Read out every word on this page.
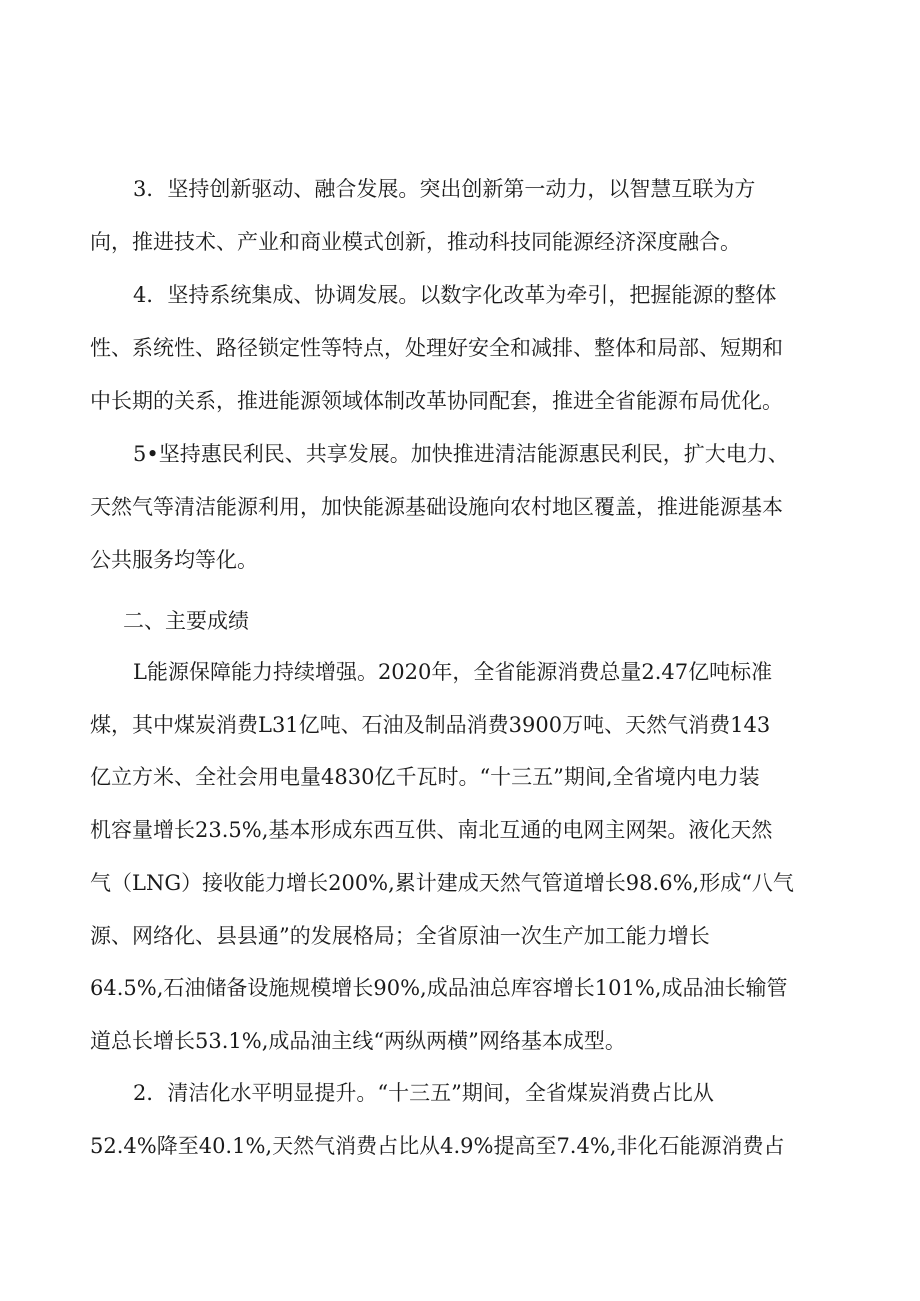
3．坚持创新驱动、融合发展。突出创新第一动力，以智慧互联为方
向，推进技术、产业和商业模式创新，推动科技同能源经济深度融合。
4．坚持系统集成、协调发展。以数字化改革为牵引，把握能源的整体
性、系统性、路径锁定性等特点，处理好安全和减排、整体和局部、短期和
中长期的关系，推进能源领域体制改革协同配套，推进全省能源布局优化。
5•坚持惠民利民、共享发展。加快推进清洁能源惠民利民，扩大电力、
天然气等清洁能源利用，加快能源基础设施向农村地区覆盖，推进能源基本
公共服务均等化。
二、主要成绩
L能源保障能力持续增强。2020年，全省能源消费总量2.47亿吨标准
煤，其中煤炭消费L31亿吨、石油及制品消费3900万吨、天然气消费143
亿立方米、全社会用电量4830亿千瓦时。“十三五”期间,全省境内电力装
机容量增长23.5%,基本形成东西互供、南北互通的电网主网架。液化天然
气（LNG）接收能力增长200%,累计建成天然气管道增长98.6%,形成“八气
源、网络化、县县通”的发展格局；全省原油一次生产加工能力增长
64.5%,石油储备设施规模增长90%,成品油总库容增长101%,成品油长输管
道总长增长53.1%,成品油主线“两纵两横”网络基本成型。
2．清洁化水平明显提升。“十三五”期间，全省煤炭消费占比从
52.4%降至40.1%,天然气消费占比从4.9%提高至7.4%,非化石能源消费占
